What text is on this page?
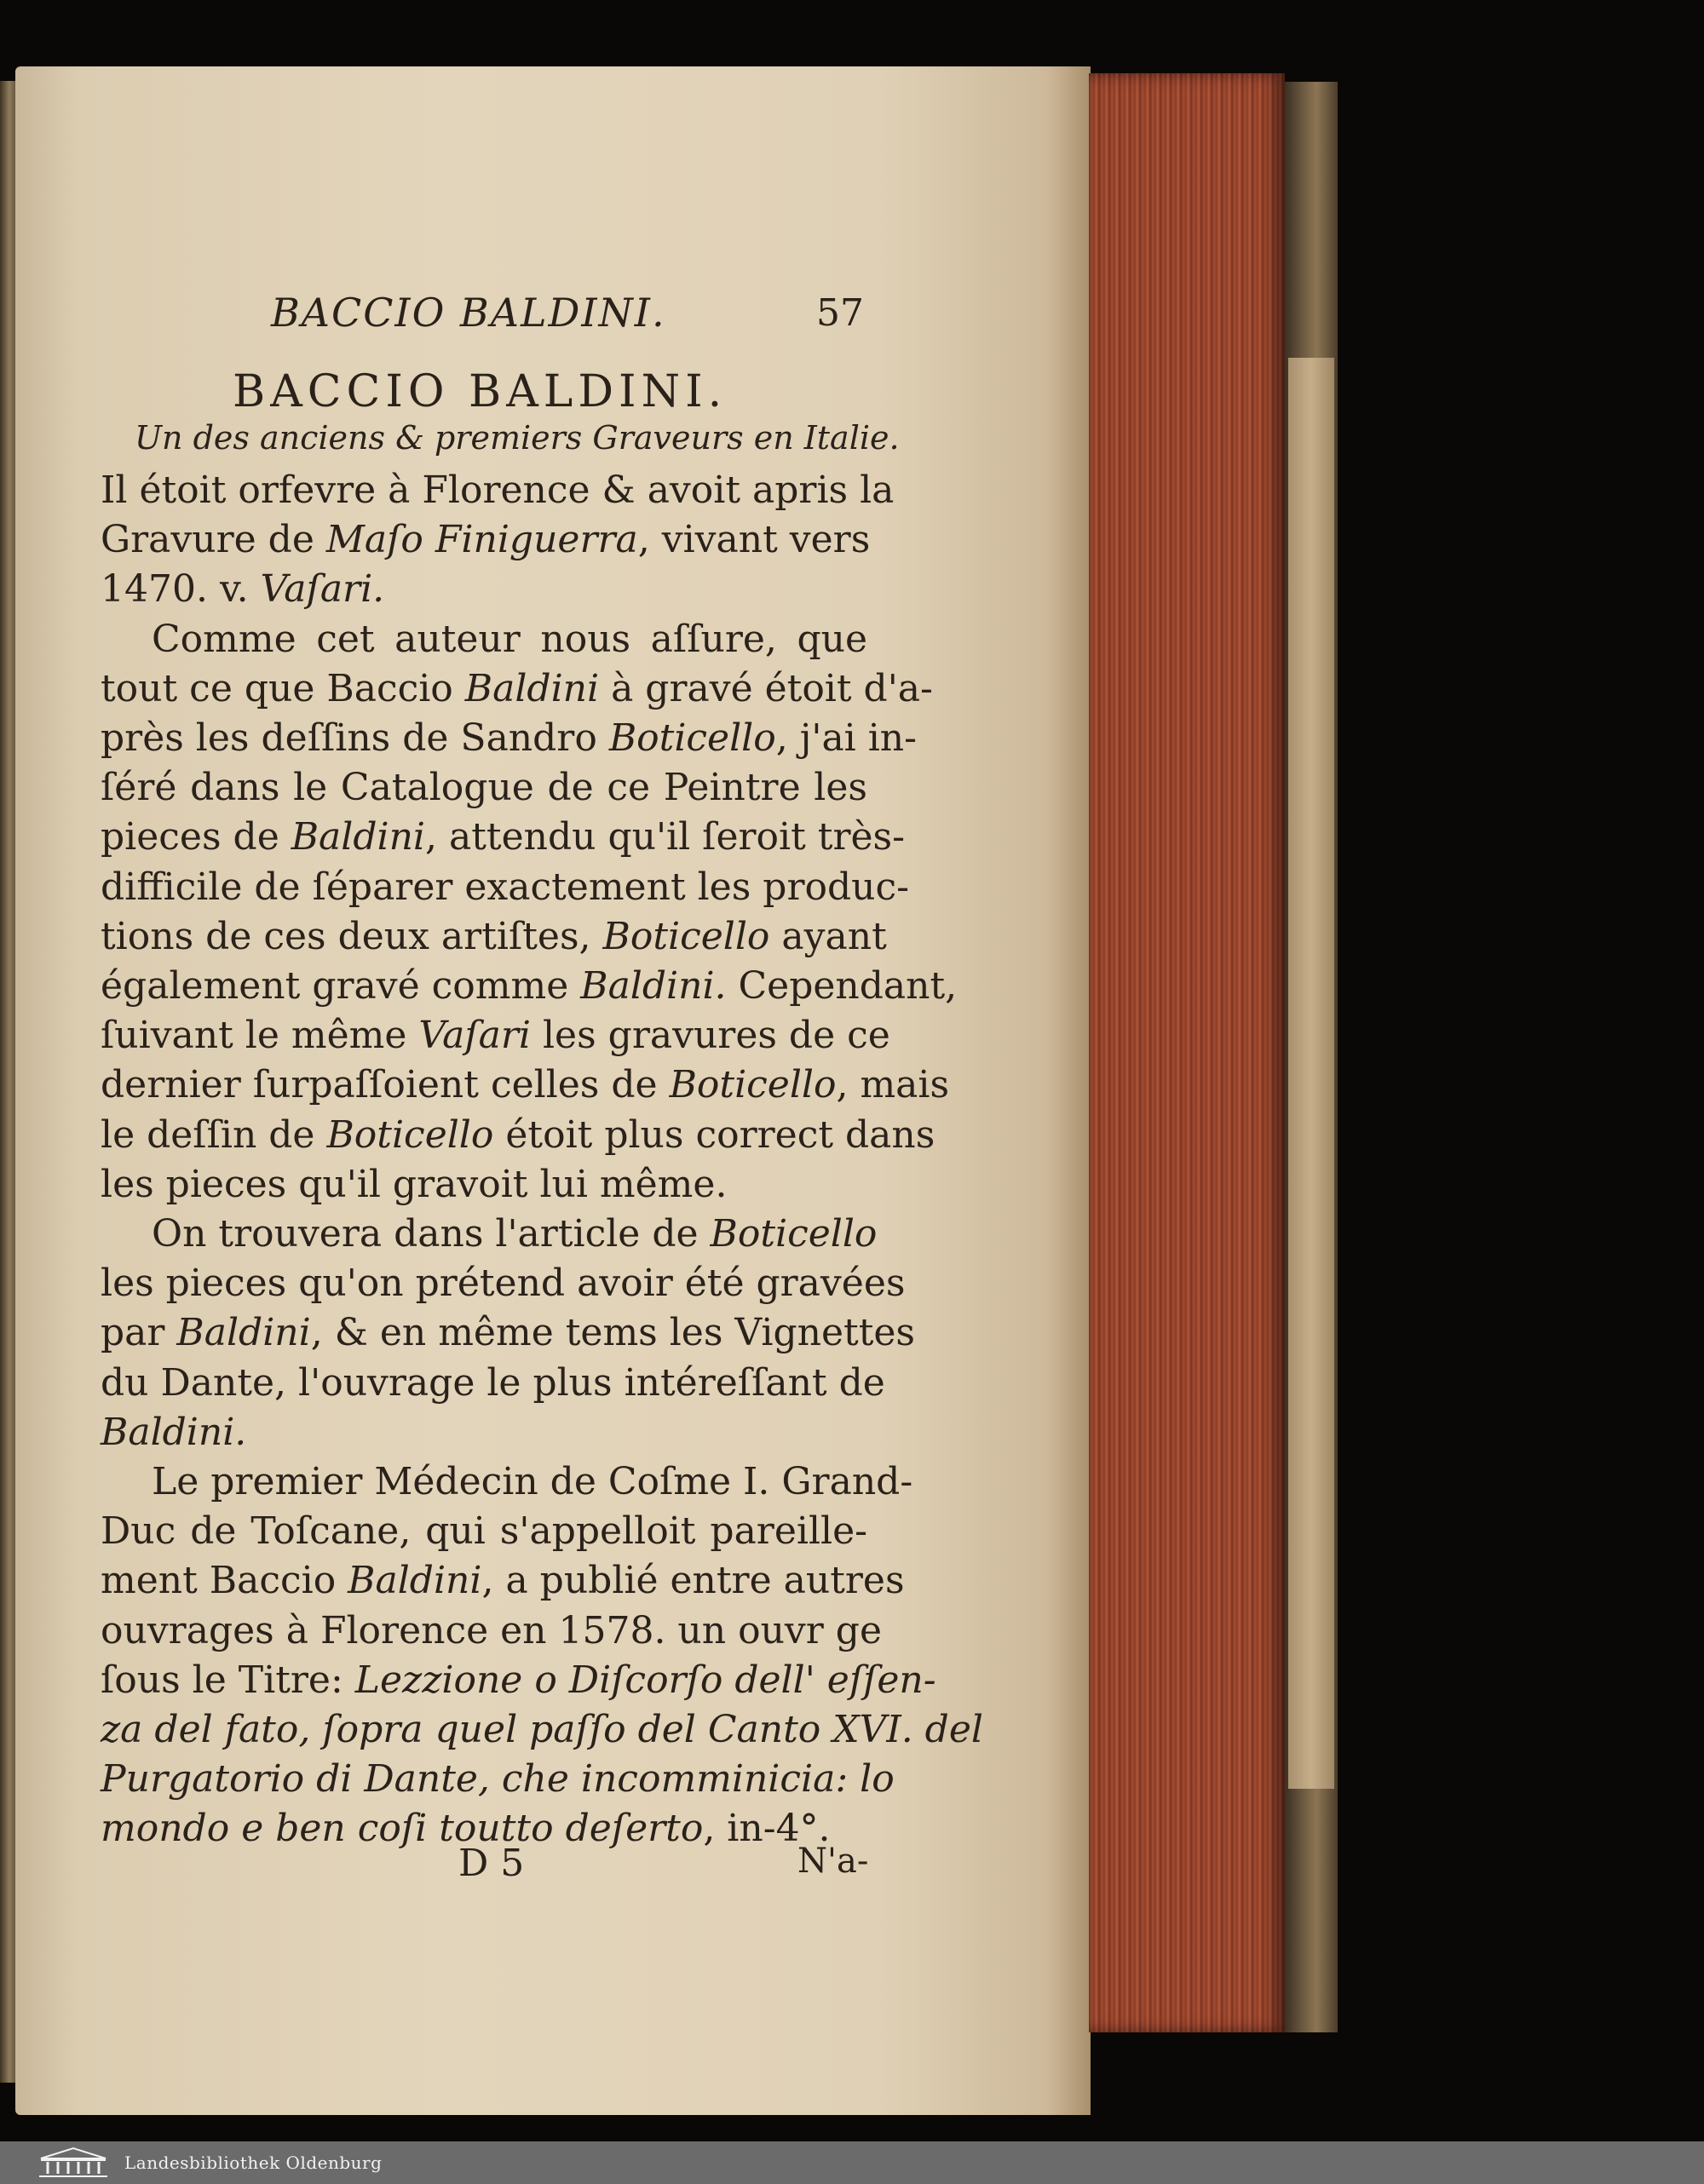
BACCIO BALDINI.	57
BACCIO BALDINI.
Un des anciens & premiers Graveurs en Italie.
Il étoit orfevre à Florence & avoit apris la
Gravure de Maſo Finiguerra, vivant vers
1470. v. Vaſari.
Comme cet auteur nous aſſure, que
tout ce que Baccio Baldini à gravé étoit d'a-
près les deſſins de Sandro Boticello, j'ai in-
ſéré dans le Catalogue de ce Peintre les
pieces de Baldini, attendu qu'il ſeroit très-
difficile de ſéparer exactement les produc-
tions de ces deux artiſtes, Boticello ayant
également gravé comme Baldini. Cependant,
ſuivant le même Vaſari les gravures de ce
dernier ſurpaſſoient celles de Boticello, mais
le deſſin de Boticello étoit plus correct dans
les pieces qu'il gravoit lui même.
On trouvera dans l'article de Boticello
les pieces qu'on prétend avoir été gravées
par Baldini, & en même tems les Vignettes
du Dante, l'ouvrage le plus intéreſſant de
Baldini.
Le premier Médecin de Coſme I. Grand-
Duc de Toſcane, qui s'appelloit pareille-
ment Baccio Baldini, a publié entre autres
ouvrages à Florence en 1578. un ouvr ge
ſous le Titre: Lezzione o Diſcorſo dell' eſſen-
za del fato, ſopra quel paſſo del Canto XVI. del
Purgatorio di Dante, che incomminicia: lo
mondo e ben coſi toutto deſerto, in-4°.
D 5	N'a-
Landesbibliothek Oldenburg
